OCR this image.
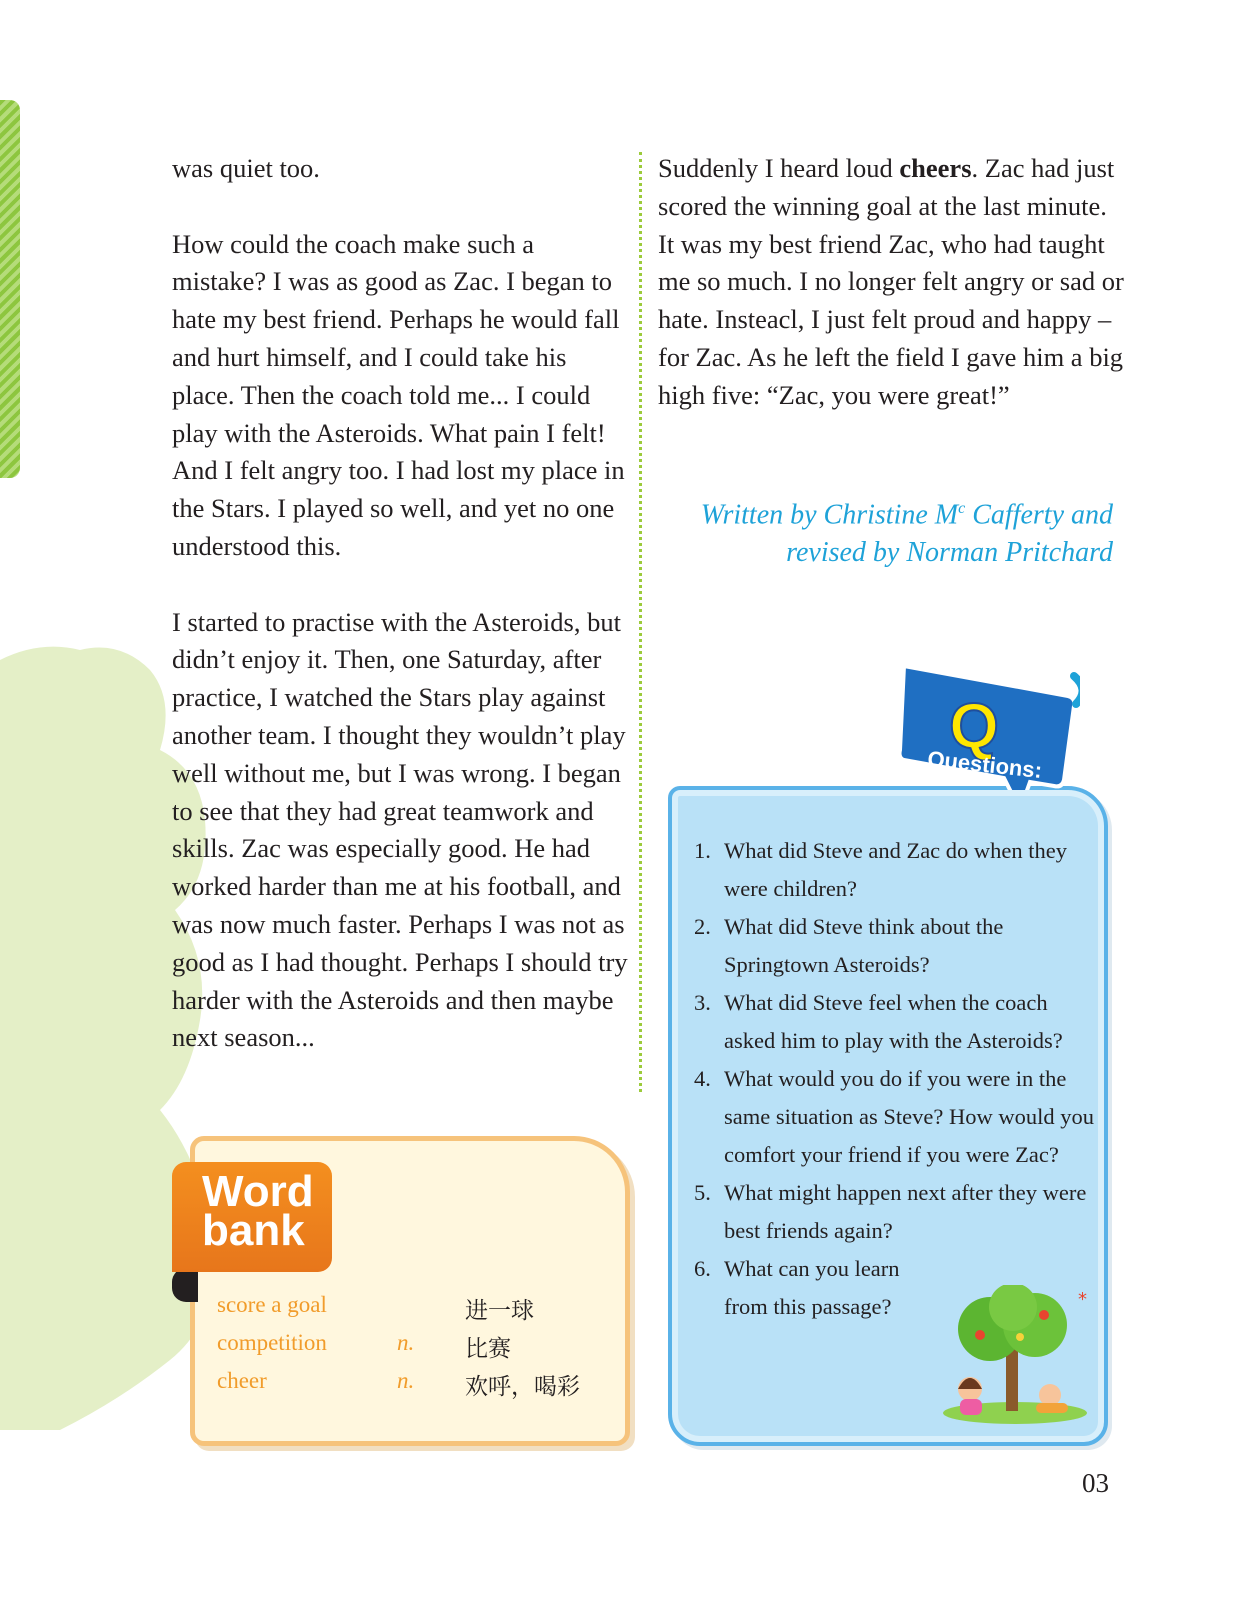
was quiet too.

How could the coach make such a mistake? I was as good as Zac. I began to hate my best friend. Perhaps he would fall and hurt himself, and I could take his place. Then the coach told me... I could play with the Asteroids. What pain I felt! And I felt angry too. I had lost my place in the Stars. I played so well, and yet no one understood this.

I started to practise with the Asteroids, but didn’t enjoy it. Then, one Saturday, after practice, I watched the Stars play against another team. I thought they wouldn’t play well without me, but I was wrong. I began to see that they had great teamwork and skills. Zac was especially good. He had worked harder than me at his football, and was now much faster. Perhaps I was not as good as I had thought. Perhaps I should try harder with the Asteroids and then maybe next season...

Suddenly I heard loud cheers. Zac had just scored the winning goal at the last minute. It was my best friend Zac, who had taught me so much. I no longer felt angry or sad or hate. Insteacl, I just felt proud and happy – for Zac. As he left the field I gave him a big high five: “Zac, you were great!”

Written by Christine $M^c$ Cafferty and
revised by Norman Pritchard
Word
bank
score a goal	进一球
competition	n. 比赛
cheer	n. 欢呼，喝彩
Q
Questions:
1. What did Steve and Zac do when they were children?
2. What did Steve think about the Springtown Asteroids?
3. What did Steve feel when the coach asked him to play with the Asteroids?
4. What would you do if you were in the same situation as Steve? How would you comfort your friend if you were Zac?
5. What might happen next after they were best friends again?
6. What can you learn from this passage?	*
03
